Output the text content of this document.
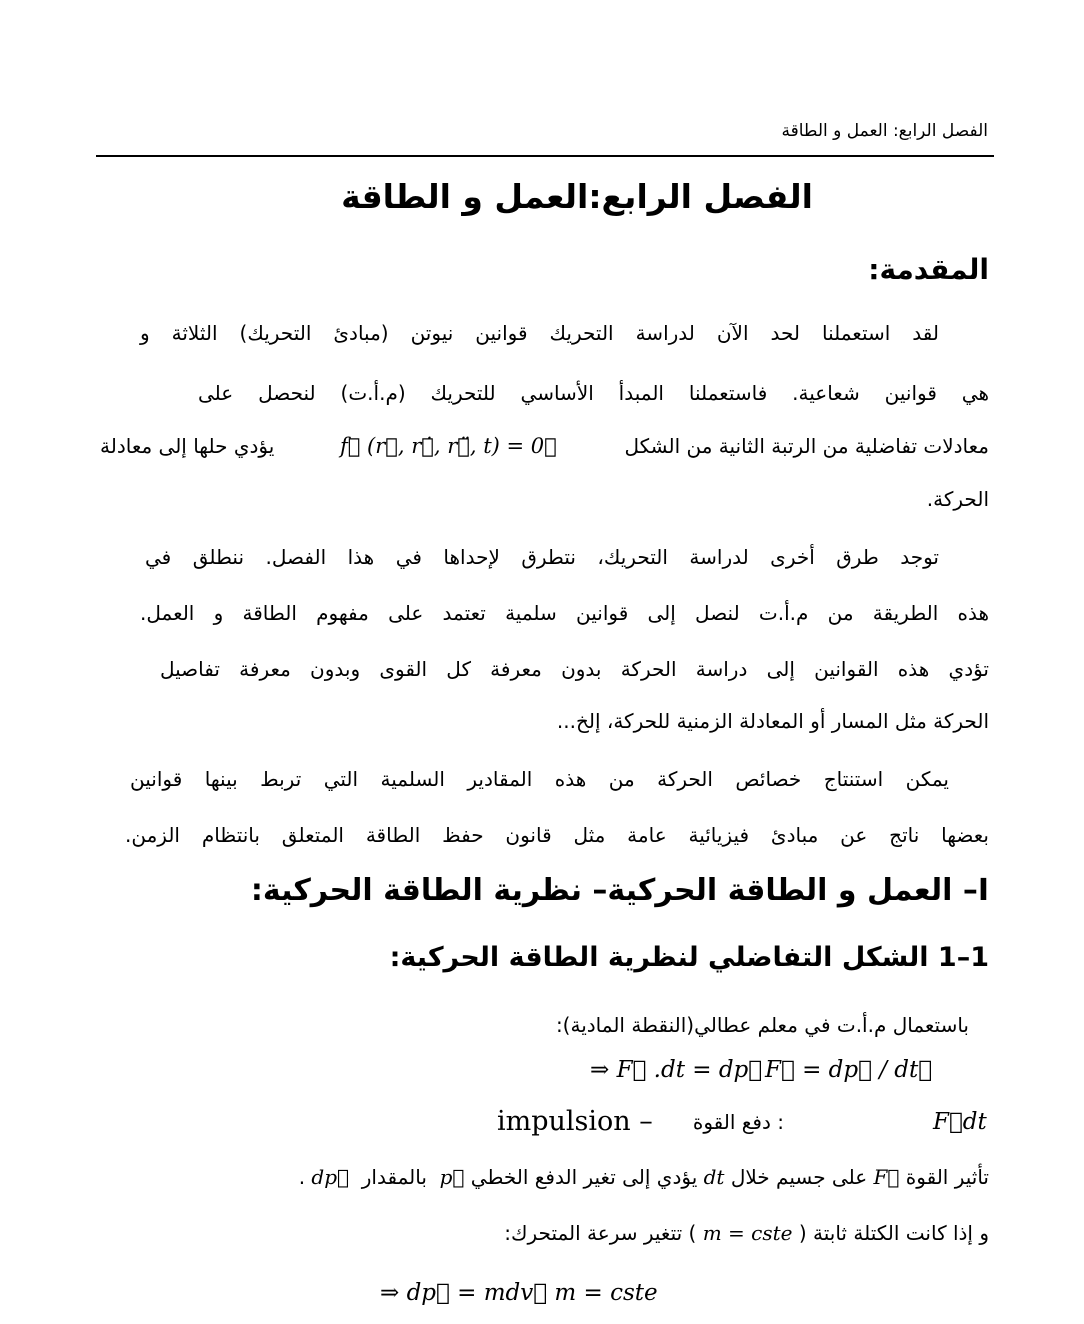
الفصل الرابع: العمل و الطاقة
الفصل الرابع:العمل و الطاقة
المقدمة:
لقد استعملنا لحد الآن لدراسة التحريك قوانين نيوتن (مبادئ التحريك) الثلاثة و
هي قوانين شعاعية. فاستعملنا المبدأ الأساسي للتحريك (م.أ.ت) لنحصل على
معادلات تفاضلية من الرتبة الثانية من الشكل
f⃗ (r⃗, r⃗̇, r⃗̈, t) = 0⃗
يؤدي حلها إلى معادلة
الحركة.
توجد طرق أخرى لدراسة التحريك، نتطرق لإحداها في هذا الفصل. ننطلق في
هذه الطريقة من م.أ.ت لنصل إلى قوانين سلمية تعتمد على مفهوم الطاقة و العمل.
تؤدي هذه القوانين إلى دراسة الحركة بدون معرفة كل القوى وبدون معرفة تفاصيل
الحركة مثل المسار أو المعادلة الزمنية للحركة، إلخ...
يمكن استنتاج خصائص الحركة من هذه المقادير السلمية التي تربط بينها قوانين
بعضها ناتج عن مبادئ فيزيائية عامة مثل قانون حفظ الطاقة المتعلق بانتظام الزمن.
I– العمل و الطاقة الحركية– نظرية الطاقة الحركية:
1–1 الشكل التفاضلي لنظرية الطاقة الحركية:
باستعمال م.أ.ت في معلم عطالي(النقطة المادية):
⇒ F⃗ .dt = dp⃗ F⃗ = dp⃗ / dt⃗
F⃗dt
: دفع القوة
impulsion –
تأثير القوة F⃗ على جسيم خلال dt يؤدي إلى تغير الدفع الخطي p⃗  بالمقدار  dp⃗ .
و إذا كانت الكتلة ثابتة ( m = cste ) تتغير سرعة المتحرك:
⇒ dp⃗ = mdv⃗ m = cste
